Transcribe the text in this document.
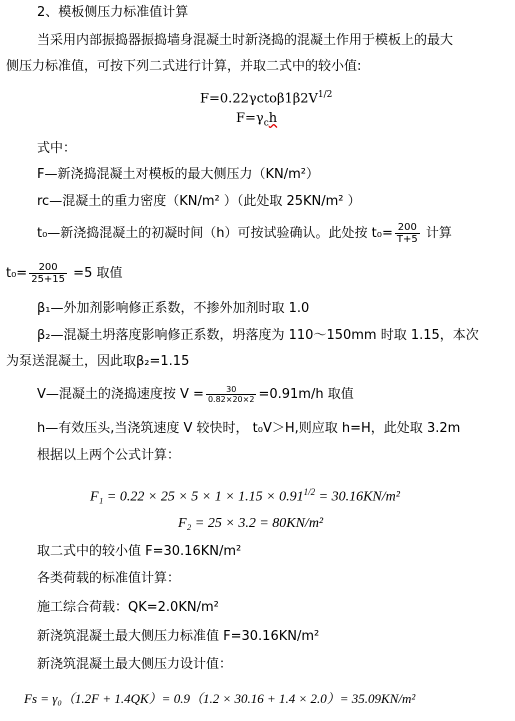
2、模板侧压力标准值计算
当采用内部振捣器振捣墙身混凝土时新浇捣的混凝土作用于模板上的最大
侧压力标准值，可按下列二式进行计算，并取二式中的较小值:
$F=0.22\gamma cto\beta 1\beta 2V^{1/2}$
$F=\gamma_ch$
式中：
F—新浇捣混凝土对模板的最大侧压力（KN/m²）
rc—混凝土的重力密度（KN/m² ）（此处取 25KN/m² ）
t₀—新浇捣混凝土的初凝时间（h）可按试验确认。此处按 $t_0= \frac{200}{T+5}$ 计算
$t_0= \frac{200}{25+15} =5$ 取值
β₁—外加剂影响修正系数，不掺外加剂时取 1.0
β₂—混凝土坍落度影响修正系数，坍落度为 110～150mm 时取 1.15，本次
为泵送混凝土，因此取β₂=1.15
V—混凝土的浇捣速度按 $V = \frac{30}{0.82\times 20\times 2} =0.91m/h$ 取值
h—有效压头,当浇筑速度 V 较快时， t₀V＞H,则应取 h=H，此处取 3.2m
根据以上两个公式计算：
$F_1 = 0.22 \times 25 \times 5 \times 1 \times 1.15 \times 0.91^{1/2} = 30.16KN/m^2$
F₂ = 25 × 3.2 = 80KN/m²
取二式中的较小值 F=30.16KN/m²
各类荷载的标准值计算：
施工综合荷载：QK=2.0KN/m²
新浇筑混凝土最大侧压力标准值 F=30.16KN/m²
新浇筑混凝土最大侧压力设计值：
Fs = γ₀（1.2F + 1.4QK）= 0.9（1.2 × 30.16 + 1.4 × 2.0）= 35.09KN/m²
